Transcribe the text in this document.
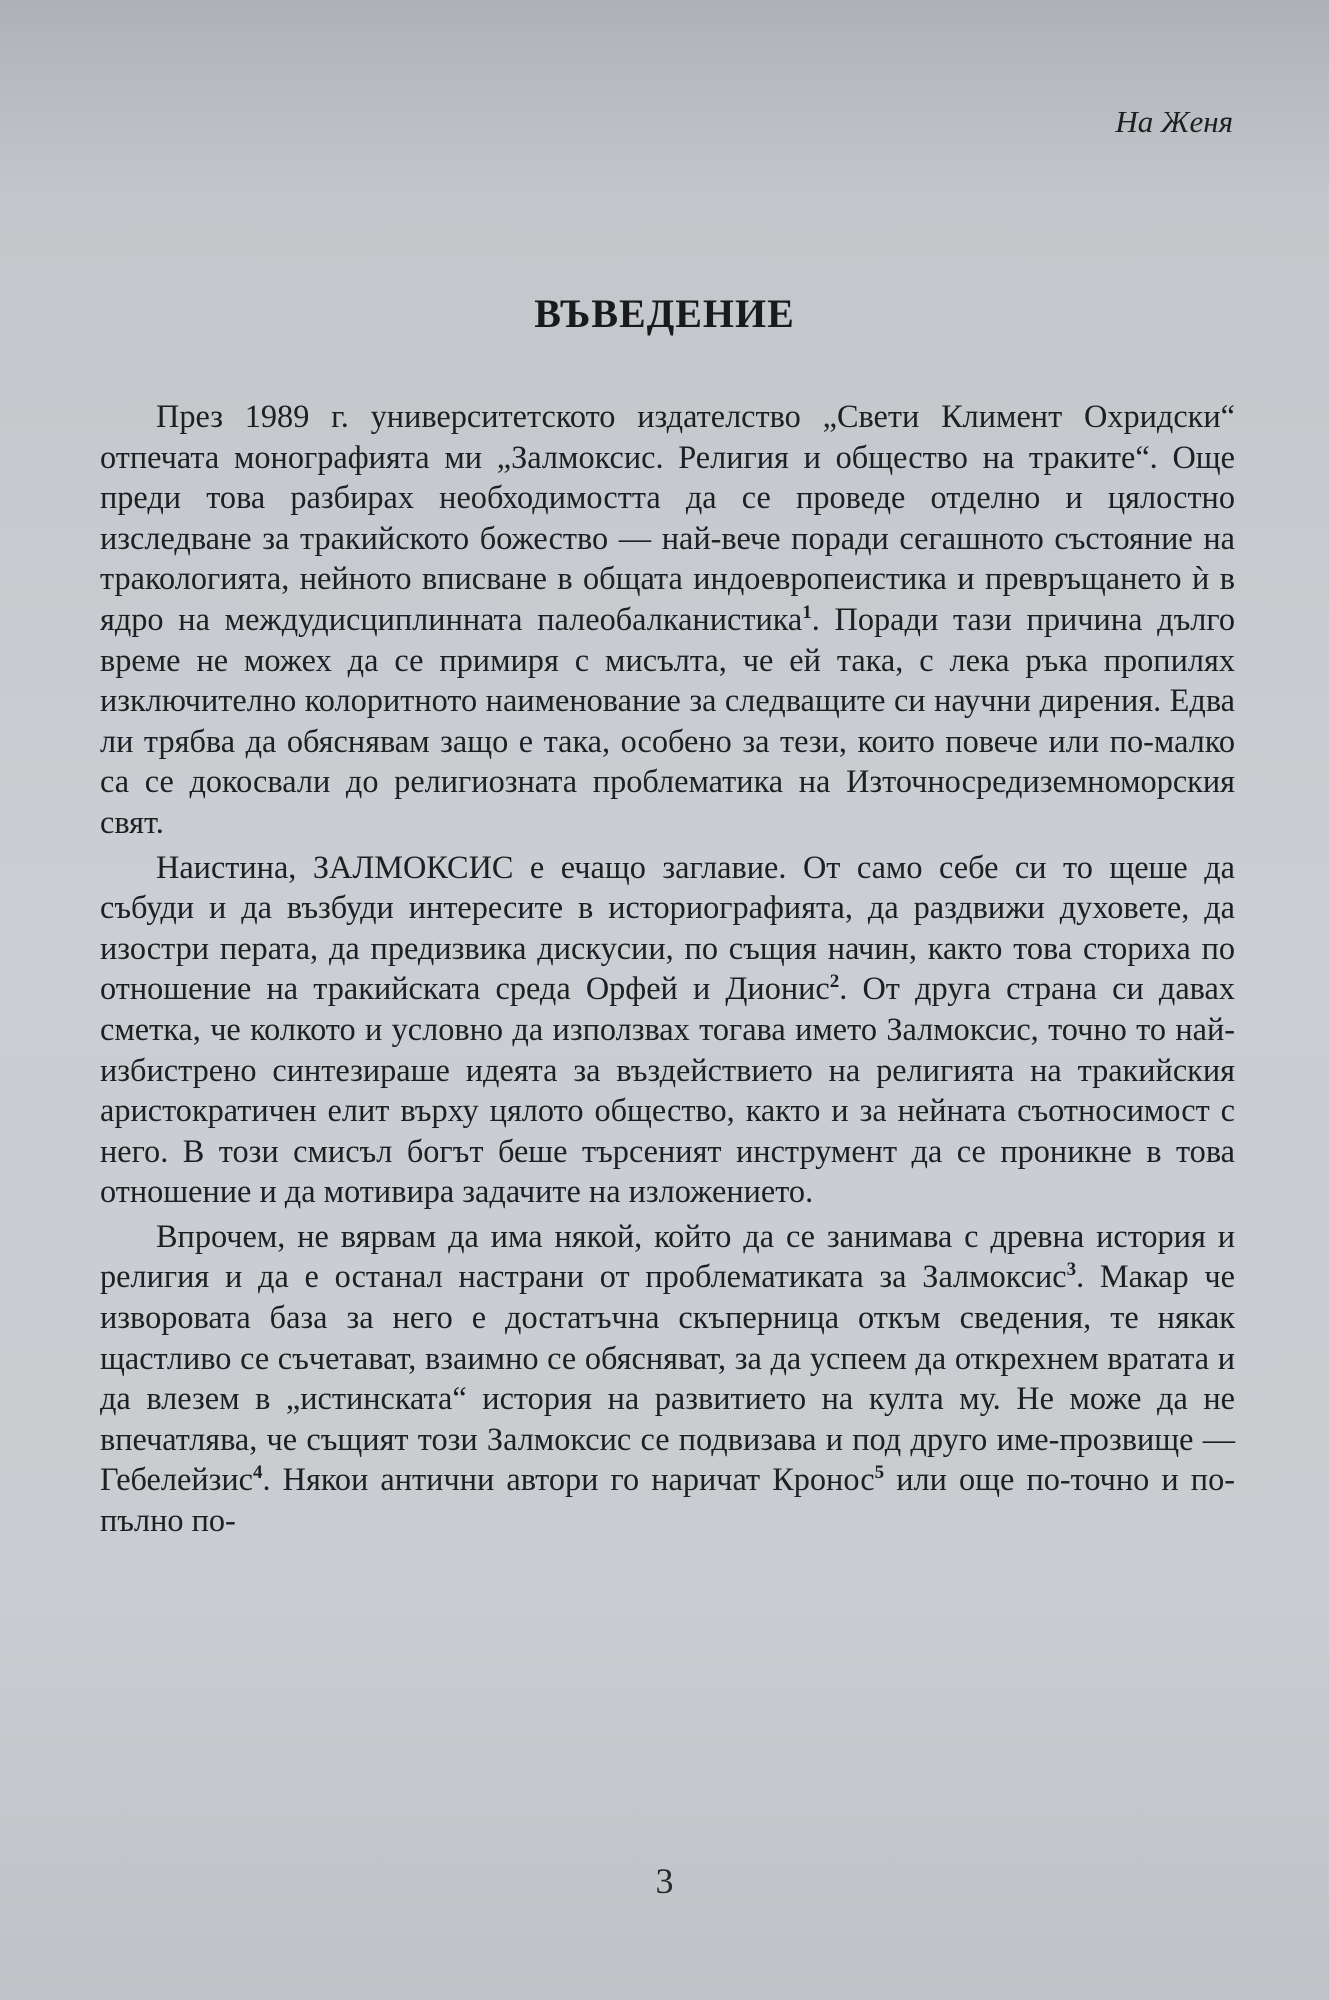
На Женя
ВЪВЕДЕНИЕ

През 1989 г. университетското издателство „Свети Климент Охридски“ отпечата монографията ми „Залмоксис. Религия и общество на траките“. Още преди това разбирах необходимостта да се проведе отделно и цялостно изследване за тракийското божество — най-вече поради сегашното състояние на тракологията, нейното вписване в общата индоевропеистика и превръщането ѝ в ядро на междудисциплинната палеобалканистика$^1$. Поради тази причина дълго време не можех да се примиря с мисълта, че ей така, с лека ръка пропилях изключително колоритното наименование за следващите си научни дирения. Едва ли трябва да обяснявам защо е така, особено за тези, които повече или по-малко са се докосвали до религиозната проблематика на Източносредиземноморския свят.

Наистина, ЗАЛМОКСИС е ечащо заглавие. От само себе си то щеше да събуди и да възбуди интересите в историографията, да раздвижи духовете, да изостри перата, да предизвика дискусии, по същия начин, както това сториха по отношение на тракийската среда Орфей и Дионис$^2$. От друга страна си давах сметка, че колкото и условно да използвах тогава името Залмоксис, точно то най-избистрено синтезираше идеята за въздействието на религията на тракийския аристократичен елит върху цялото общество, както и за нейната съотносимост с него. В този смисъл богът беше търсеният инструмент да се проникне в това отношение и да мотивира задачите на изложението.

Впрочем, не вярвам да има някой, който да се занимава с древна история и религия и да е останал настрани от проблематиката за Залмоксис$^3$. Макар че изворовата база за него е достатъчна скъперница откъм сведения, те някак щастливо се съчетават, взаимно се обясняват, за да успеем да открехнем вратата и да влезем в „истинската“ история на развитието на култа му. Не може да не впечатлява, че същият този Залмоксис се подвизава и под друго име-прозвище — Гебелейзис$^4$. Някои антични автори го наричат Кронос$^5$ или още по-точно и по-пълно по-

3
